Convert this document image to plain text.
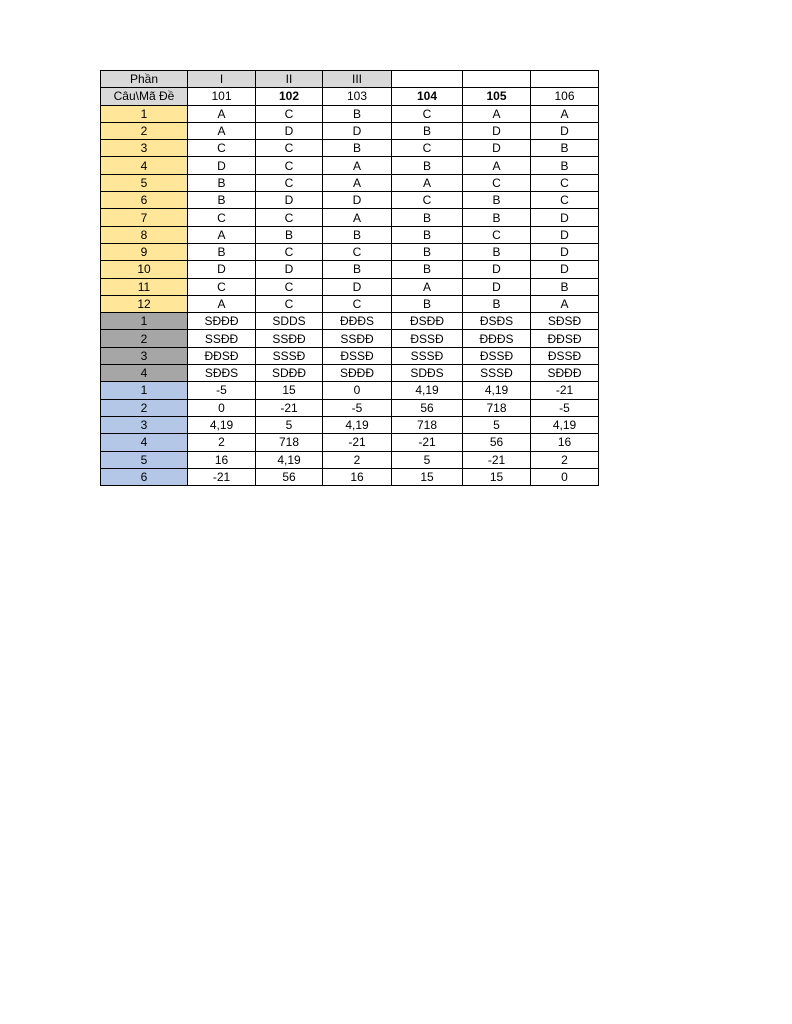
Phần	I	II	III			
Câu\Mã Đề	101	102	103	104	105	106
1	A	C	B	C	A	A
2	A	D	D	B	D	D
3	C	C	B	C	D	B
4	D	C	A	B	A	B
5	B	C	A	A	C	C
6	B	D	D	C	B	C
7	C	C	A	B	B	D
8	A	B	B	B	C	D
9	B	C	C	B	B	D
10	D	D	B	B	D	D
11	C	C	D	A	D	B
12	A	C	C	B	B	A
1	SĐĐĐ	SDDS	ĐĐĐS	ĐSĐĐ	ĐSĐS	SĐSĐ
2	SSĐĐ	SSĐĐ	SSĐĐ	ĐSSĐ	ĐĐĐS	ĐĐSĐ
3	ĐĐSĐ	SSSĐ	ĐSSĐ	SSSĐ	ĐSSĐ	ĐSSĐ
4	SĐĐS	SDĐĐ	SĐĐĐ	SDĐS	SSSĐ	SĐĐĐ
1	-5	15	0	4,19	4,19	-21
2	0	-21	-5	56	718	-5
3	4,19	5	4,19	718	5	4,19
4	2	718	-21	-21	56	16
5	16	4,19	2	5	-21	2
6	-21	56	16	15	15	0
